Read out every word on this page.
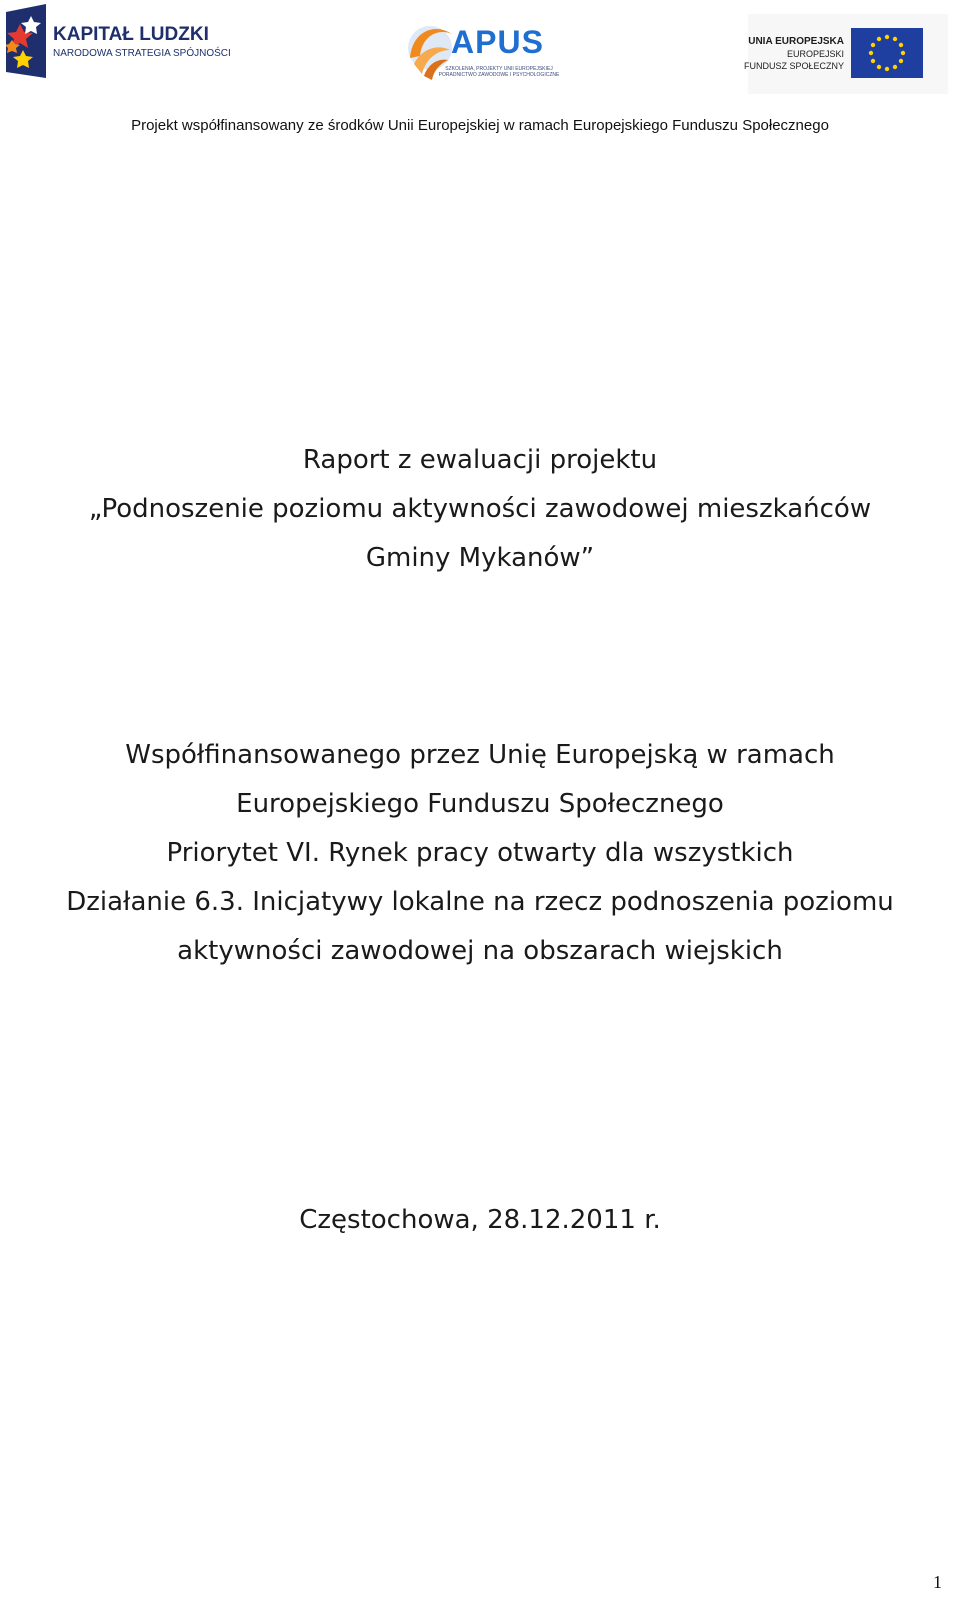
KAPITAŁ LUDZKI
NARODOWA STRATEGIA SPÓJNOŚCI	APUS
SZKOLENIA, PROJEKTY UNII EUROPEJSKIEJ
PORADNICTWO ZAWODOWE I PSYCHOLOGICZNE
UNIA EUROPEJSKA
EUROPEJSKI
FUNDUSZ SPOŁECZNY
Projekt współfinansowany ze środków Unii Europejskiej w ramach Europejskiego Funduszu Społecznego
Raport z ewaluacji projektu
„Podnoszenie poziomu aktywności zawodowej mieszkańców
Gminy Mykanów”
Współfinansowanego przez Unię Europejską w ramach
Europejskiego Funduszu Społecznego
Priorytet VI. Rynek pracy otwarty dla wszystkich
Działanie 6.3. Inicjatywy lokalne na rzecz podnoszenia poziomu
aktywności zawodowej na obszarach wiejskich
Częstochowa, 28.12.2011 r.
1
